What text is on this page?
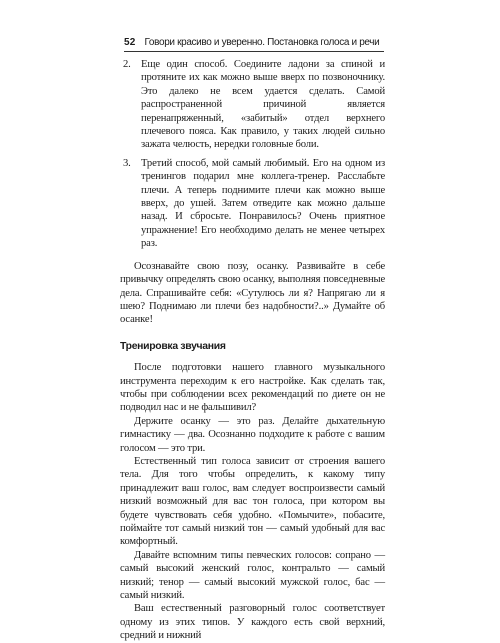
52 Говори красиво и уверенно. Постановка голоса и речи
2. Еще один способ. Соедините ладони за спиной и протяните их как можно выше вверх по позвоночнику. Это далеко не всем удается сделать. Самой распространенной причиной является перенапряженный, «забитый» отдел верхнего плечевого пояса. Как правило, у таких людей сильно зажата челюсть, нередки головные боли.
3. Третий способ, мой самый любимый. Его на одном из тренингов подарил мне коллега-тренер. Расслабьте плечи. А теперь поднимите плечи как можно выше вверх, до ушей. Затем отведите как можно дальше назад. И сбросьте. Понравилось? Очень приятное упражнение! Его необходимо делать не менее четырех раз.

Осознавайте свою позу, осанку. Развивайте в себе привычку определять свою осанку, выполняя повседневные дела. Спрашивайте себя: «Сутулюсь ли я? Напрягаю ли я шею? Поднимаю ли плечи без надобности?..» Думайте об осанке!

Тренировка звучания

После подготовки нашего главного музыкального инструмента переходим к его настройке. Как сделать так, чтобы при соблюдении всех рекомендаций по диете он не подводил нас и не фальшивил?

Держите осанку — это раз. Делайте дыхательную гимнастику — два. Осознанно подходите к работе с вашим голосом — это три.

Естественный тип голоса зависит от строения вашего тела. Для того чтобы определить, к какому типу принадлежит ваш голос, вам следует воспроизвести самый низкий возможный для вас тон голоса, при котором вы будете чувствовать себя удобно. «Помычите», побасите, поймайте тот самый низкий тон — самый удобный для вас комфортный.

Давайте вспомним типы певческих голосов: сопрано — самый высокий женский голос, контральто — самый низкий; тенор — самый высокий мужской голос, бас — самый низкий.

Ваш естественный разговорный голос соответствует одному из этих типов. У каждого есть свой верхний, средний и нижний
